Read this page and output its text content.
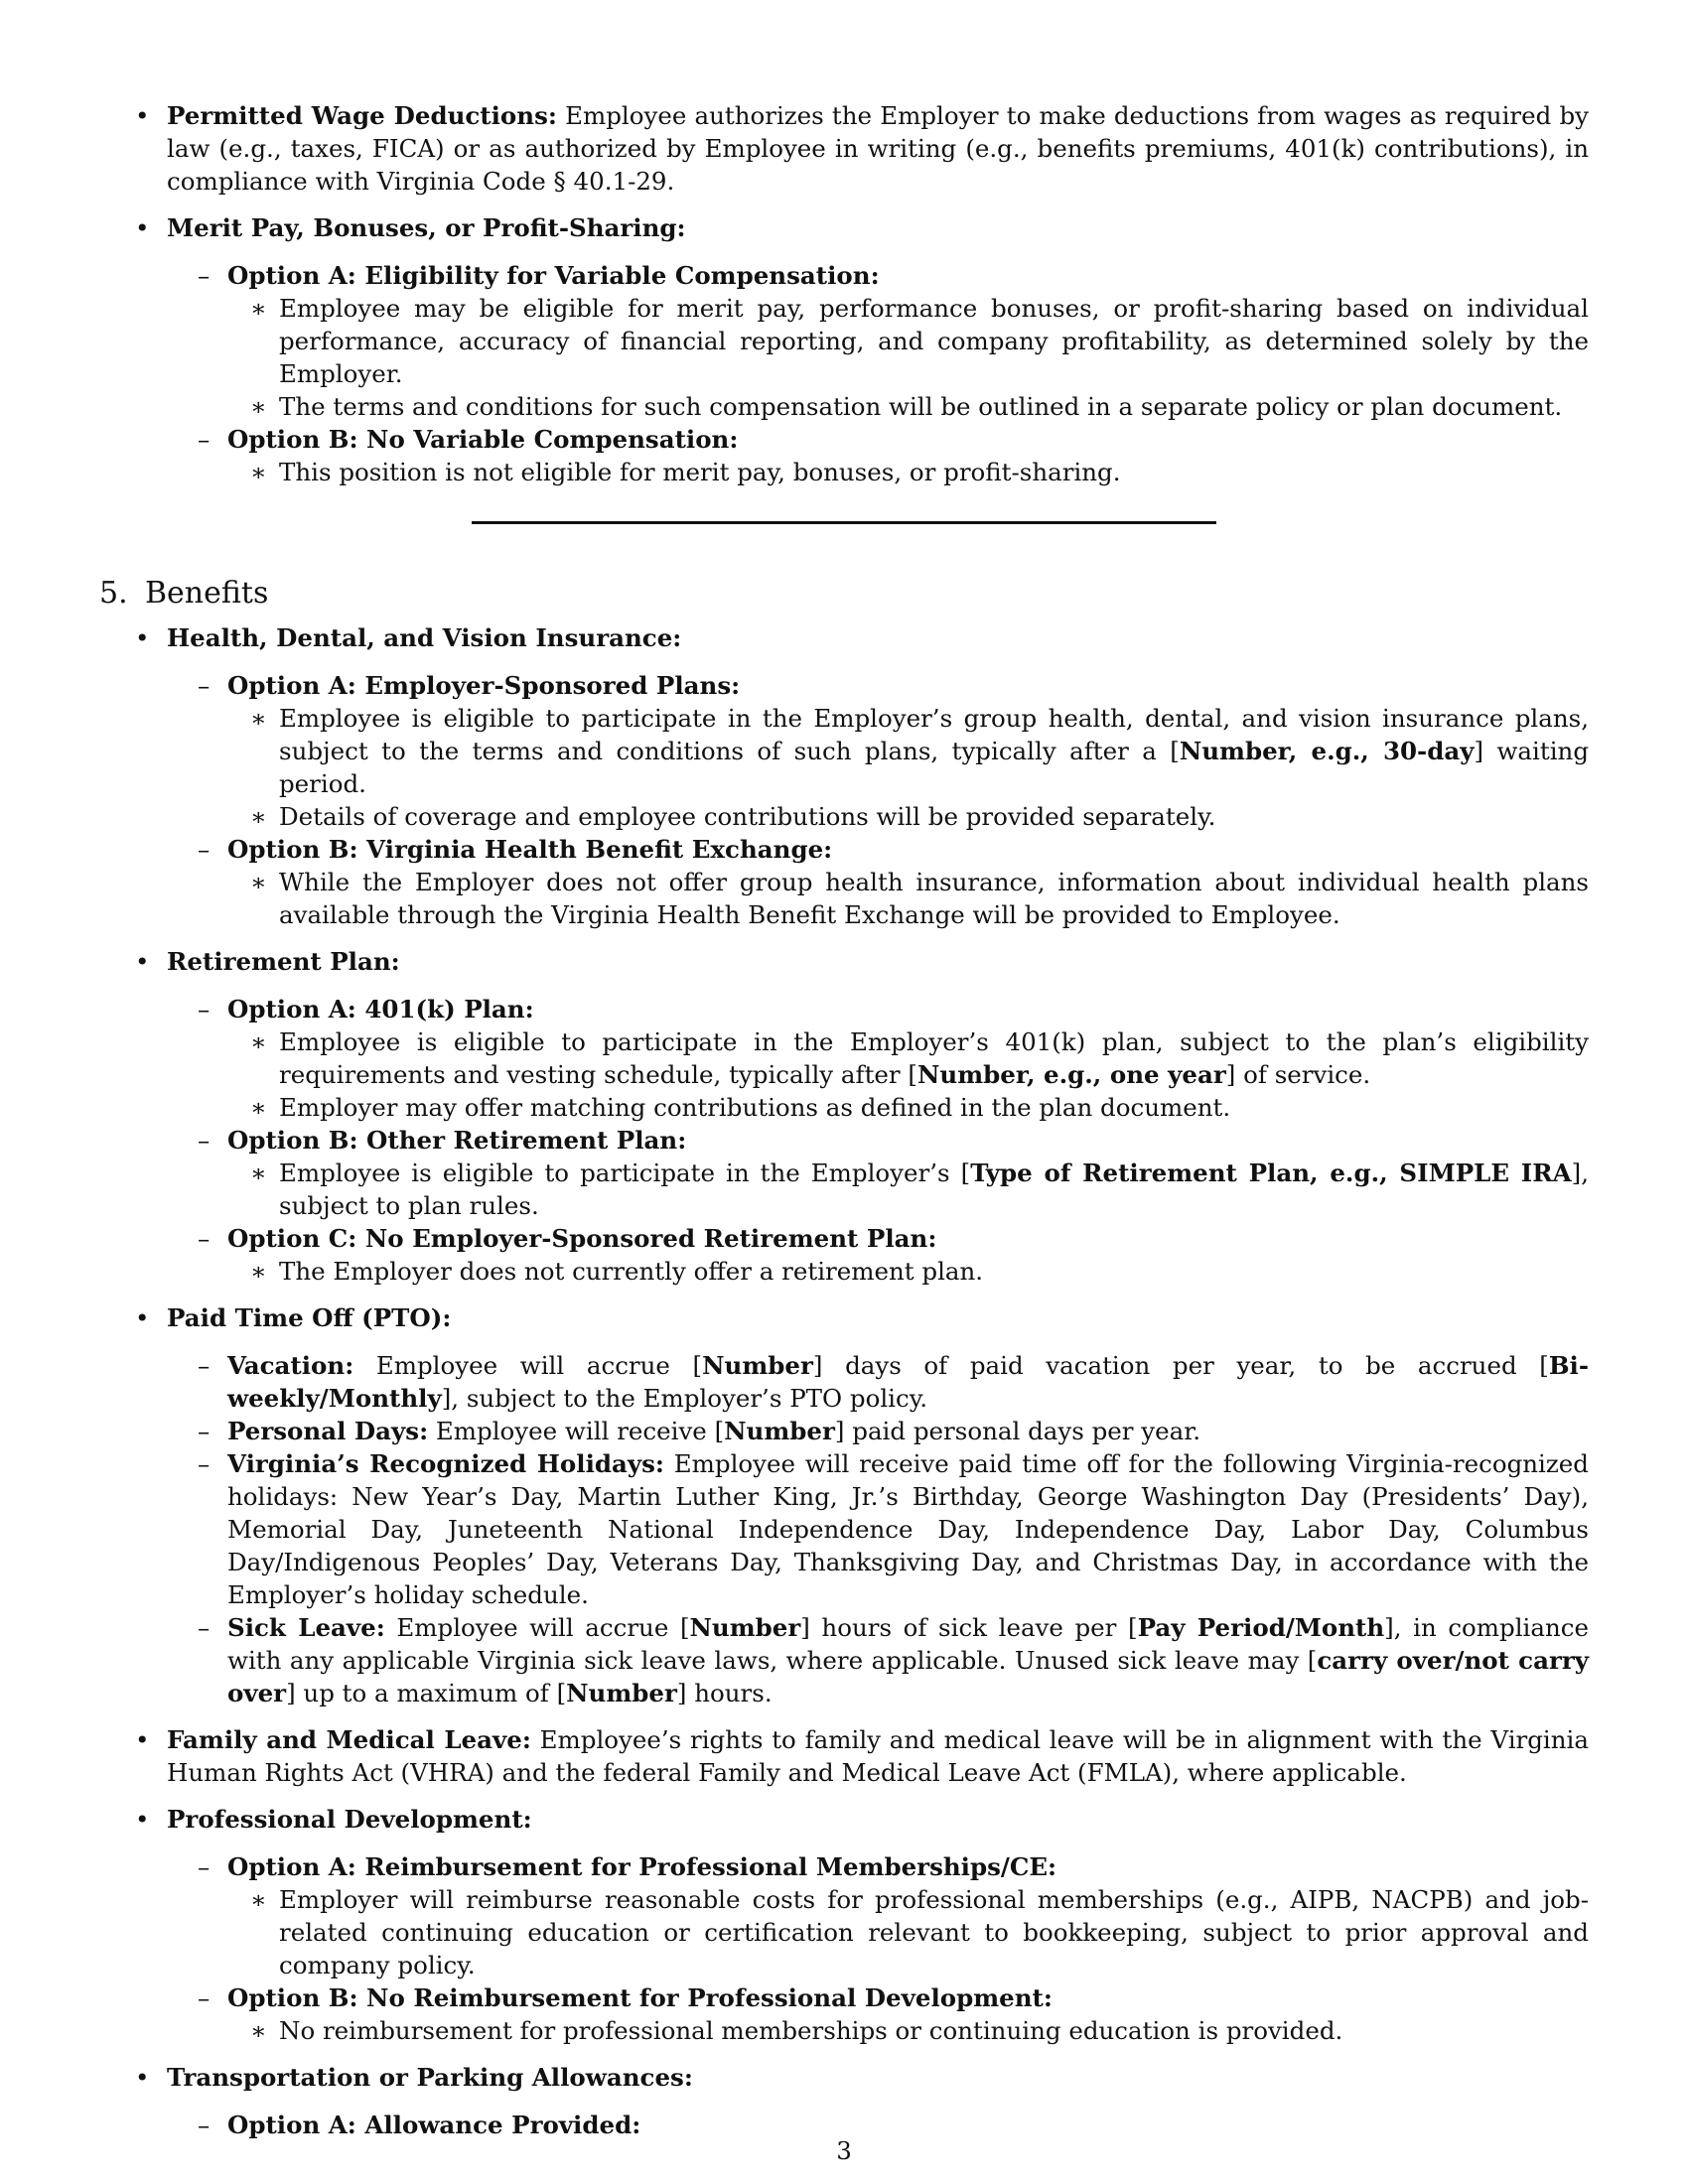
• Permitted Wage Deductions: Employee authorizes the Employer to make deductions from wages as required by law (e.g., taxes, FICA) or as authorized by Employee in writing (e.g., benefits premiums, 401(k) contributions), in compliance with Virginia Code § 40.1-29.
• Merit Pay, Bonuses, or Profit-Sharing:
– Option A: Eligibility for Variable Compensation:
∗ Employee may be eligible for merit pay, performance bonuses, or profit-sharing based on individual performance, accuracy of financial reporting, and company profitability, as determined solely by the Employer.
∗ The terms and conditions for such compensation will be outlined in a separate policy or plan document.
– Option B: No Variable Compensation:
∗ This position is not eligible for merit pay, bonuses, or profit-sharing.
5. Benefits
• Health, Dental, and Vision Insurance:
– Option A: Employer-Sponsored Plans:
∗ Employee is eligible to participate in the Employer’s group health, dental, and vision insurance plans, subject to the terms and conditions of such plans, typically after a [Number, e.g., 30-day] waiting period.
∗ Details of coverage and employee contributions will be provided separately.
– Option B: Virginia Health Benefit Exchange:
∗ While the Employer does not offer group health insurance, information about individual health plans available through the Virginia Health Benefit Exchange will be provided to Employee.
• Retirement Plan:
– Option A: 401(k) Plan:
∗ Employee is eligible to participate in the Employer’s 401(k) plan, subject to the plan’s eligibility requirements and vesting schedule, typically after [Number, e.g., one year] of service.
∗ Employer may offer matching contributions as defined in the plan document.
– Option B: Other Retirement Plan:
∗ Employee is eligible to participate in the Employer’s [Type of Retirement Plan, e.g., SIMPLE IRA], subject to plan rules.
– Option C: No Employer-Sponsored Retirement Plan:
∗ The Employer does not currently offer a retirement plan.
• Paid Time Off (PTO):
– Vacation: Employee will accrue [Number] days of paid vacation per year, to be accrued [Bi-weekly/Monthly], subject to the Employer’s PTO policy.
– Personal Days: Employee will receive [Number] paid personal days per year.
– Virginia’s Recognized Holidays: Employee will receive paid time off for the following Virginia-recognized holidays: New Year’s Day, Martin Luther King, Jr.’s Birthday, George Washington Day (Presidents’ Day), Memorial Day, Juneteenth National Independence Day, Independence Day, Labor Day, Columbus Day/Indigenous Peoples’ Day, Veterans Day, Thanksgiving Day, and Christmas Day, in accordance with the Employer’s holiday schedule.
– Sick Leave: Employee will accrue [Number] hours of sick leave per [Pay Period/Month], in compliance with any applicable Virginia sick leave laws, where applicable. Unused sick leave may [carry over/not carry over] up to a maximum of [Number] hours.
• Family and Medical Leave: Employee’s rights to family and medical leave will be in alignment with the Virginia Human Rights Act (VHRA) and the federal Family and Medical Leave Act (FMLA), where applicable.
• Professional Development:
– Option A: Reimbursement for Professional Memberships/CE:
∗ Employer will reimburse reasonable costs for professional memberships (e.g., AIPB, NACPB) and job-related continuing education or certification relevant to bookkeeping, subject to prior approval and company policy.
– Option B: No Reimbursement for Professional Development:
∗ No reimbursement for professional memberships or continuing education is provided.
• Transportation or Parking Allowances:
– Option A: Allowance Provided:
3
